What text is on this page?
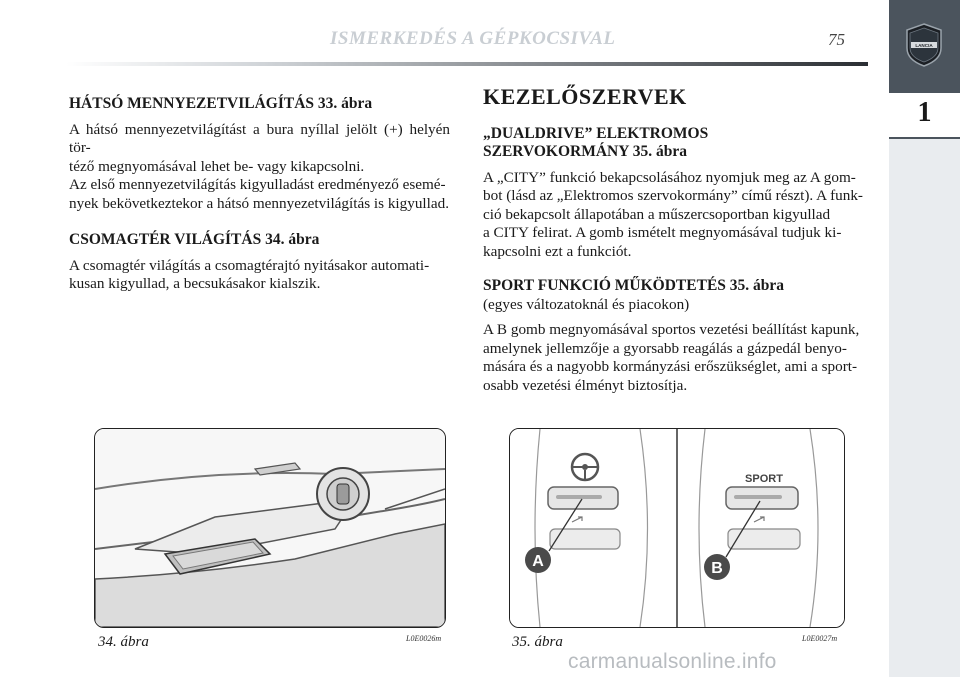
ISMERKEDÉS A GÉPKOCSIVAL	75	LANCIA
1

HÁTSÓ MENNYEZETVILÁGÍTÁS 33. ábra

A hátsó mennyezetvilágítást a bura nyíllal jelölt (+) helyén tör-

téző megnyomásával lehet be- vagy kikapcsolni.

Az első mennyezetvilágítás kigyulladást eredményező esemé-

nyek bekövetkeztekor a hátsó mennyezetvilágítás is kigyullad.

CSOMAGTÉR VILÁGÍTÁS 34. ábra

A csomagtér világítás a csomagtérajtó nyitásakor automati-

kusan kigyullad, a becsukásakor kialszik.

KEZELŐSZERVEK

„DUALDRIVE” ELEKTROMOS

SZERVOKORMÁNY 35. ábra

A „CITY” funkció bekapcsolásához nyomjuk meg az A gom-

bot (lásd az „Elektromos szervokormány” című részt). A funk-

ció bekapcsolt állapotában a műszercsoportban kigyullad

a CITY felirat. A gomb ismételt megnyomásával tudjuk ki-

kapcsolni ezt a funkciót.

SPORT FUNKCIÓ MŰKÖDTETÉS 35. ábra

(egyes változatoknál és piacokon)

A B gomb megnyomásával sportos vezetési beállítást kapunk,

amelynek jellemzője a gyorsabb reagálás a gázpedál benyo-

mására és a nagyobb kormányzási erőszükséglet, ami a sport-

osabb vezetési élményt biztosítja.

34. ábra	L0E0026m
A
SPORT
B
35. ábra	L0E0027m
carmanualsonline.info
